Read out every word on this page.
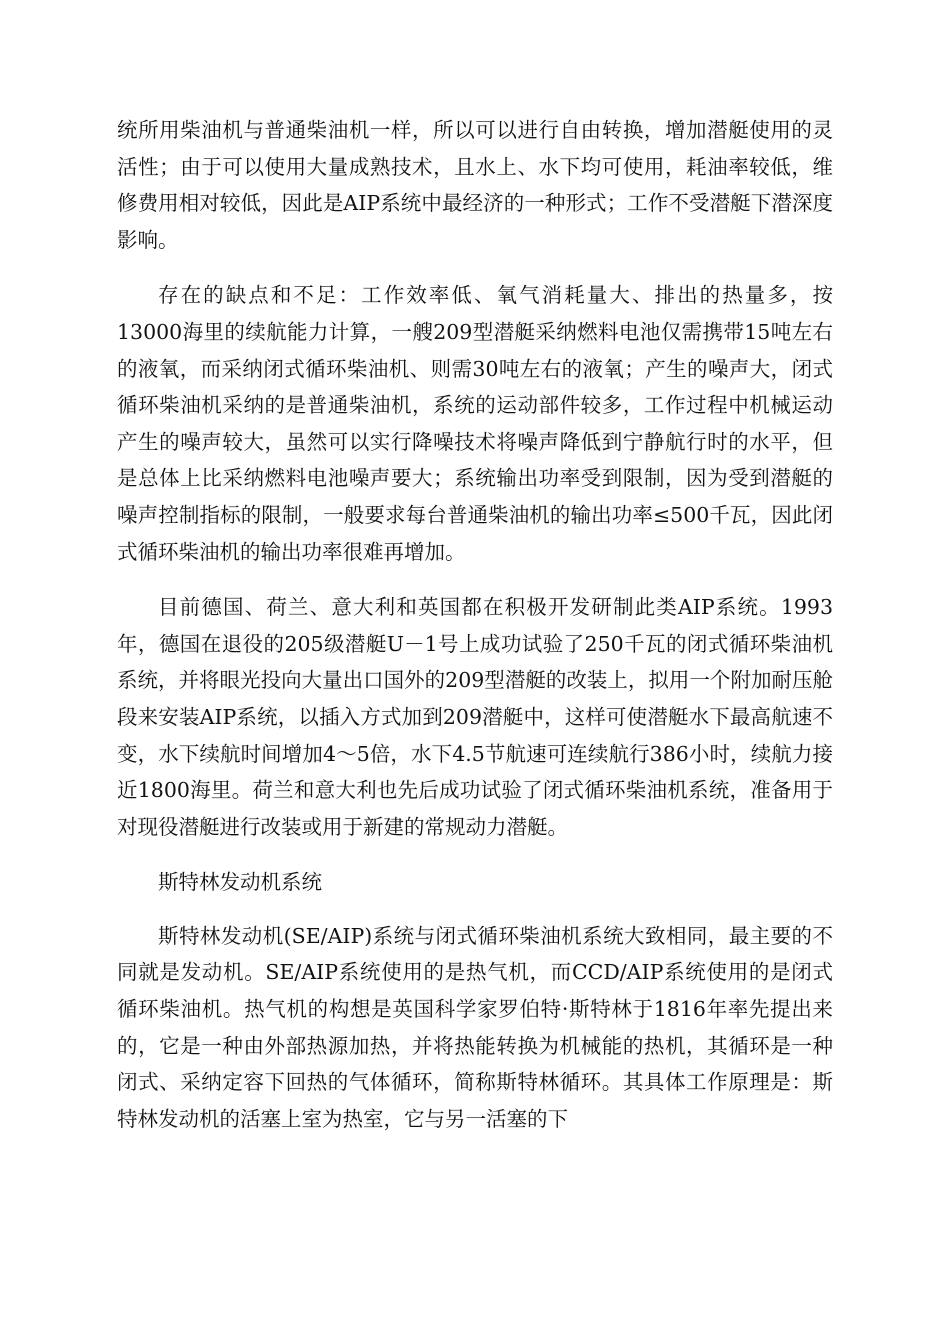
统所用柴油机与普通柴油机一样，所以可以进行自由转换，增加潜艇使用的灵活性；由于可以使用大量成熟技术，且水上、水下均可使用，耗油率较低，维修费用相对较低，因此是AIP系统中最经济的一种形式；工作不受潜艇下潜深度影响。

存在的缺点和不足：工作效率低、氧气消耗量大、排出的热量多，按13000海里的续航能力计算，一艘209型潜艇采纳燃料电池仅需携带15吨左右的液氧，而采纳闭式循环柴油机、则需30吨左右的液氧；产生的噪声大，闭式循环柴油机采纳的是普通柴油机，系统的运动部件较多，工作过程中机械运动产生的噪声较大，虽然可以实行降噪技术将噪声降低到宁静航行时的水平，但是总体上比采纳燃料电池噪声要大；系统输出功率受到限制，因为受到潜艇的噪声控制指标的限制，一般要求每台普通柴油机的输出功率≤500千瓦，因此闭式循环柴油机的输出功率很难再增加。

目前德国、荷兰、意大利和英国都在积极开发研制此类AIP系统。1993年，德国在退役的205级潜艇U－1号上成功试验了250千瓦的闭式循环柴油机系统，并将眼光投向大量出口国外的209型潜艇的改装上，拟用一个附加耐压舱段来安装AIP系统，以插入方式加到209潜艇中，这样可使潜艇水下最高航速不变，水下续航时间增加4～5倍，水下4.5节航速可连续航行386小时，续航力接近1800海里。荷兰和意大利也先后成功试验了闭式循环柴油机系统，准备用于对现役潜艇进行改装或用于新建的常规动力潜艇。

斯特林发动机系统

斯特林发动机(SE/AIP)系统与闭式循环柴油机系统大致相同，最主要的不同就是发动机。SE/AIP系统使用的是热气机，而CCD/AIP系统使用的是闭式循环柴油机。热气机的构想是英国科学家罗伯特·斯特林于1816年率先提出来的，它是一种由外部热源加热，并将热能转换为机械能的热机，其循环是一种闭式、采纳定容下回热的气体循环，简称斯特林循环。其具体工作原理是：斯特林发动机的活塞上室为热室，它与另一活塞的下
